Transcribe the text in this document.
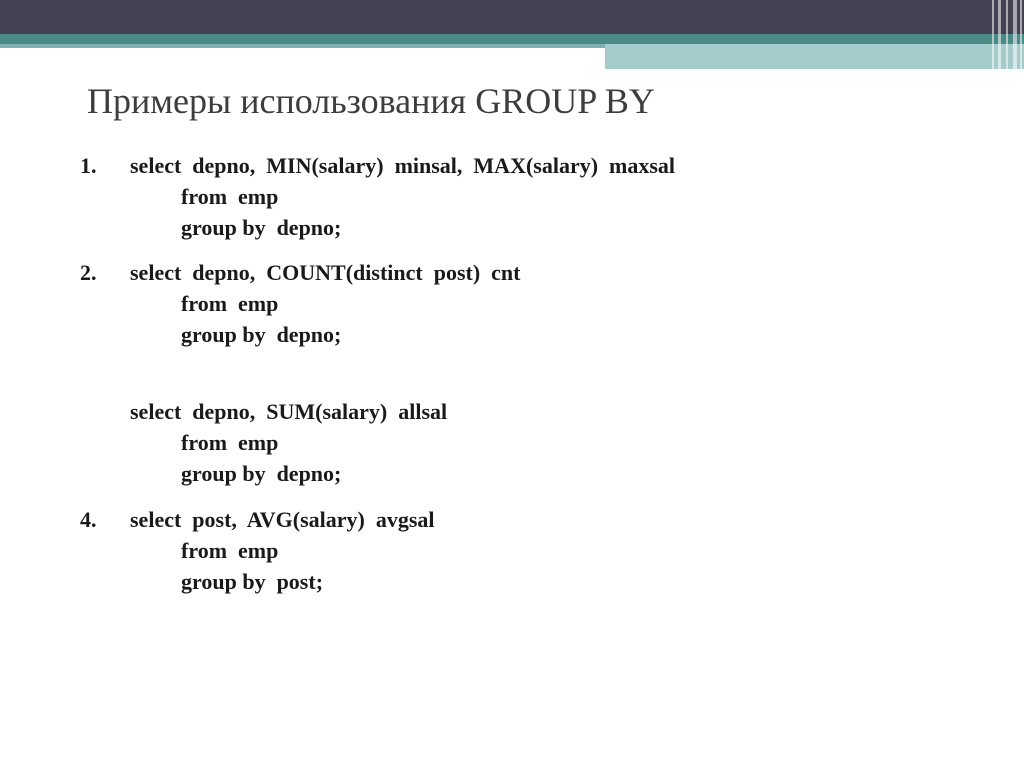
Примеры использования GROUP BY
1. select  depno,  MIN(salary)  minsal,  MAX(salary)  maxsal
from  emp
group by  depno;
2. select  depno,  COUNT(distinct  post)  cnt
from  emp
group by  depno;
select  depno,  SUM(salary)  allsal
from  emp
group by  depno;
4. select  post,  AVG(salary)  avgsal
from  emp
group by  post;
